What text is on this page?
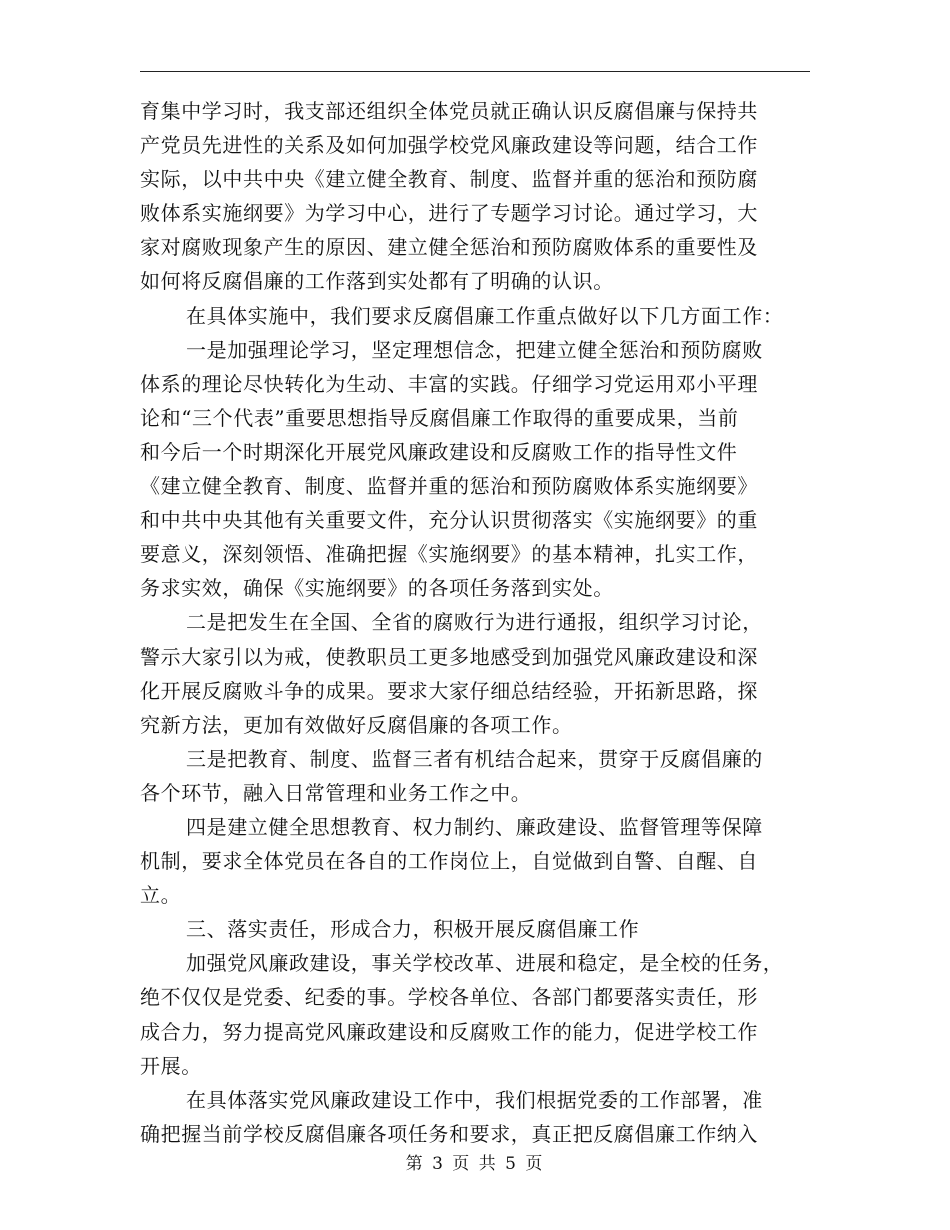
育集中学习时，我支部还组织全体党员就正确认识反腐倡廉与保持共
产党员先进性的关系及如何加强学校党风廉政建设等问题，结合工作
实际，以中共中央《建立健全教育、制度、监督并重的惩治和预防腐
败体系实施纲要》为学习中心，进行了专题学习讨论。通过学习，大
家对腐败现象产生的原因、建立健全惩治和预防腐败体系的重要性及
如何将反腐倡廉的工作落到实处都有了明确的认识。
在具体实施中，我们要求反腐倡廉工作重点做好以下几方面工作：
一是加强理论学习，坚定理想信念，把建立健全惩治和预防腐败
体系的理论尽快转化为生动、丰富的实践。仔细学习党运用邓小平理
论和“三个代表”重要思想指导反腐倡廉工作取得的重要成果，当前
和今后一个时期深化开展党风廉政建设和反腐败工作的指导性文件
《建立健全教育、制度、监督并重的惩治和预防腐败体系实施纲要》
和中共中央其他有关重要文件，充分认识贯彻落实《实施纲要》的重
要意义，深刻领悟、准确把握《实施纲要》的基本精神，扎实工作，
务求实效，确保《实施纲要》的各项任务落到实处。
二是把发生在全国、全省的腐败行为进行通报，组织学习讨论，
警示大家引以为戒，使教职员工更多地感受到加强党风廉政建设和深
化开展反腐败斗争的成果。要求大家仔细总结经验，开拓新思路，探
究新方法，更加有效做好反腐倡廉的各项工作。
三是把教育、制度、监督三者有机结合起来，贯穿于反腐倡廉的
各个环节，融入日常管理和业务工作之中。
四是建立健全思想教育、权力制约、廉政建设、监督管理等保障
机制，要求全体党员在各自的工作岗位上，自觉做到自警、自醒、自
立。
三、落实责任，形成合力，积极开展反腐倡廉工作
加强党风廉政建设，事关学校改革、进展和稳定，是全校的任务，
绝不仅仅是党委、纪委的事。学校各单位、各部门都要落实责任，形
成合力，努力提高党风廉政建设和反腐败工作的能力，促进学校工作
开展。
在具体落实党风廉政建设工作中，我们根据党委的工作部署，准
确把握当前学校反腐倡廉各项任务和要求，真正把反腐倡廉工作纳入
第 3 页 共 5 页
